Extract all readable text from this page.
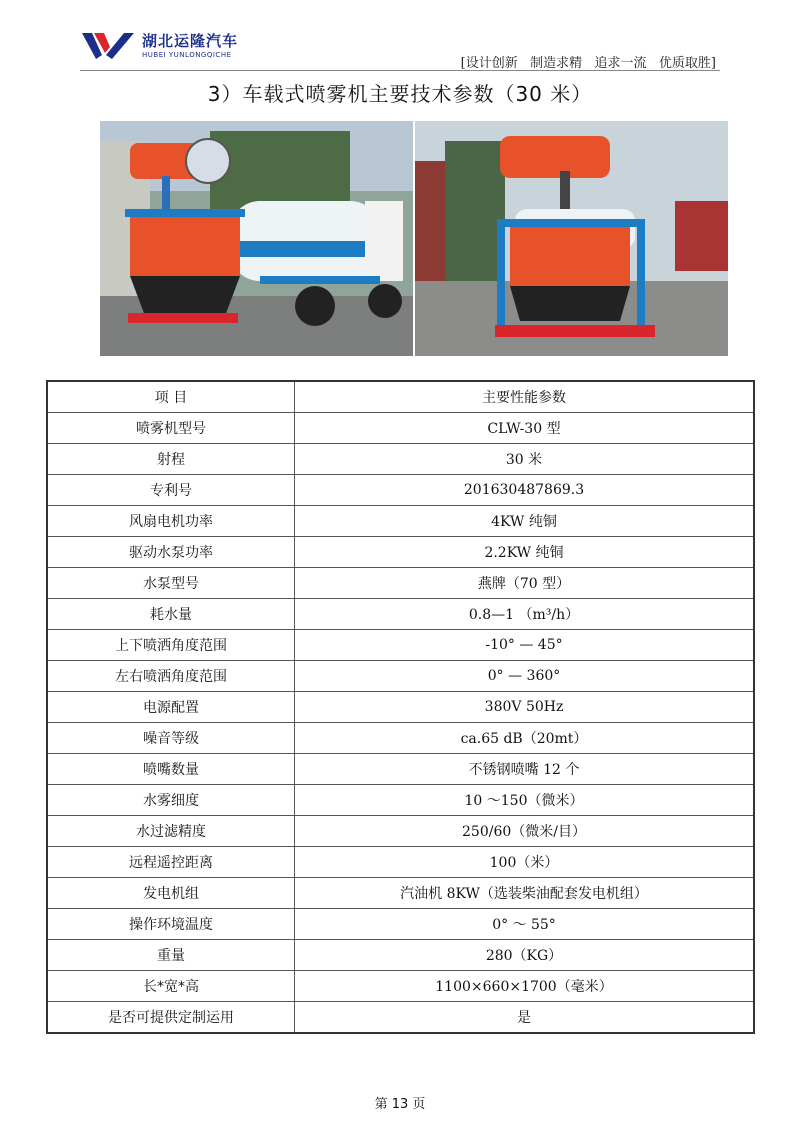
湖北运隆汽车
HUBEI YUNLONGQICHE
[设计创新   制造求精   追求一流   优质取胜]
3）车载式喷雾机主要技术参数（30 米）
项 目	主要性能参数
喷雾机型号	CLW-30 型
射程	30 米
专利号	201630487869.3
风扇电机功率	4KW 纯铜
驱动水泵功率	2.2KW 纯铜
水泵型号	燕牌（70 型）
耗水量	0.8—1 （m³/h）
上下喷洒角度范围	-10° — 45°
左右喷洒角度范围	0° — 360°
电源配置	380V 50Hz
噪音等级	ca.65 dB（20mt）
喷嘴数量	不锈钢喷嘴 12 个
水雾细度	10 ～150（微米）
水过滤精度	250/60（微米/目）
远程遥控距离	100（米）
发电机组	汽油机 8KW（选装柴油配套发电机组）
操作环境温度	0° ～ 55°
重量	280（KG）
长*宽*高	1100×660×1700（毫米）
是否可提供定制运用	是
第 13 页
